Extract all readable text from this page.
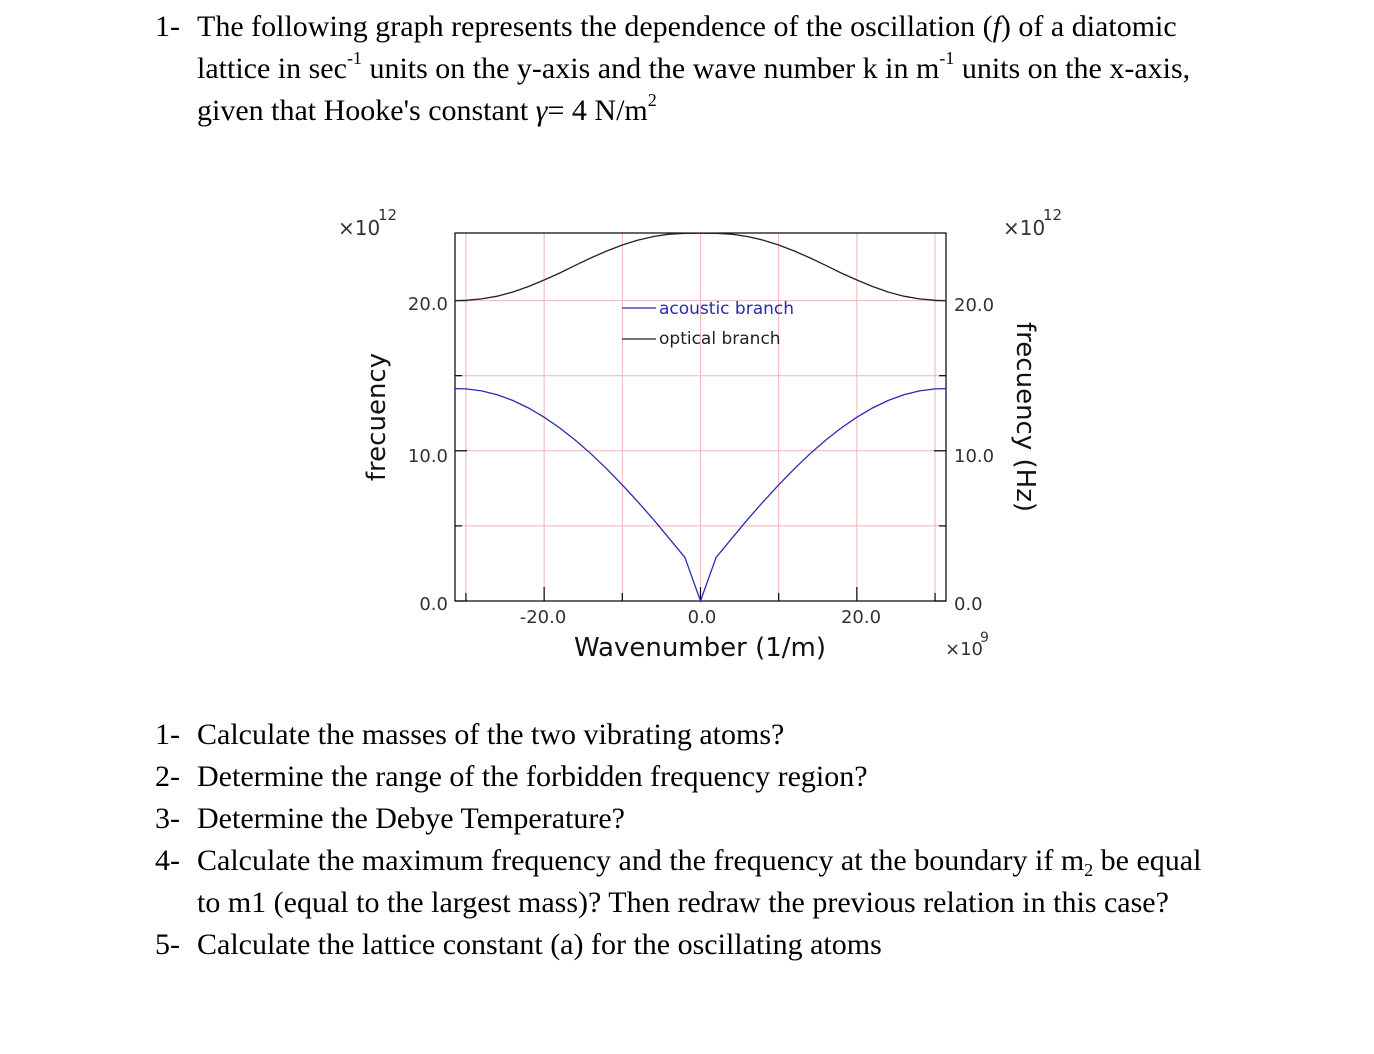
1- The following graph represents the dependence of the oscillation (f) of a diatomic lattice in $\sec^{-1}$ units on the y-axis and the wave number k in $m^{-1}$ units on the x-axis, given that Hooke's constant γ= 4 $N/m^2$
acoustic branch
optical branch
20.0
10.0
0.0
20.0
10.0
0.0
-20.0	0.0	20.0
Wavenumber (1/m)
frecuency	frecuency (Hz)
×10
12
×10
12
×10
9
1- Calculate the masses of the two vibrating atoms?
2- Determine the range of the forbidden frequency region?
3- Determine the Debye Temperature?
4- Calculate the maximum frequency and the frequency at the boundary if $m_2$ be equal to m1 (equal to the largest mass)? Then redraw the previous relation in this case?
5- Calculate the lattice constant (a) for the oscillating atoms
